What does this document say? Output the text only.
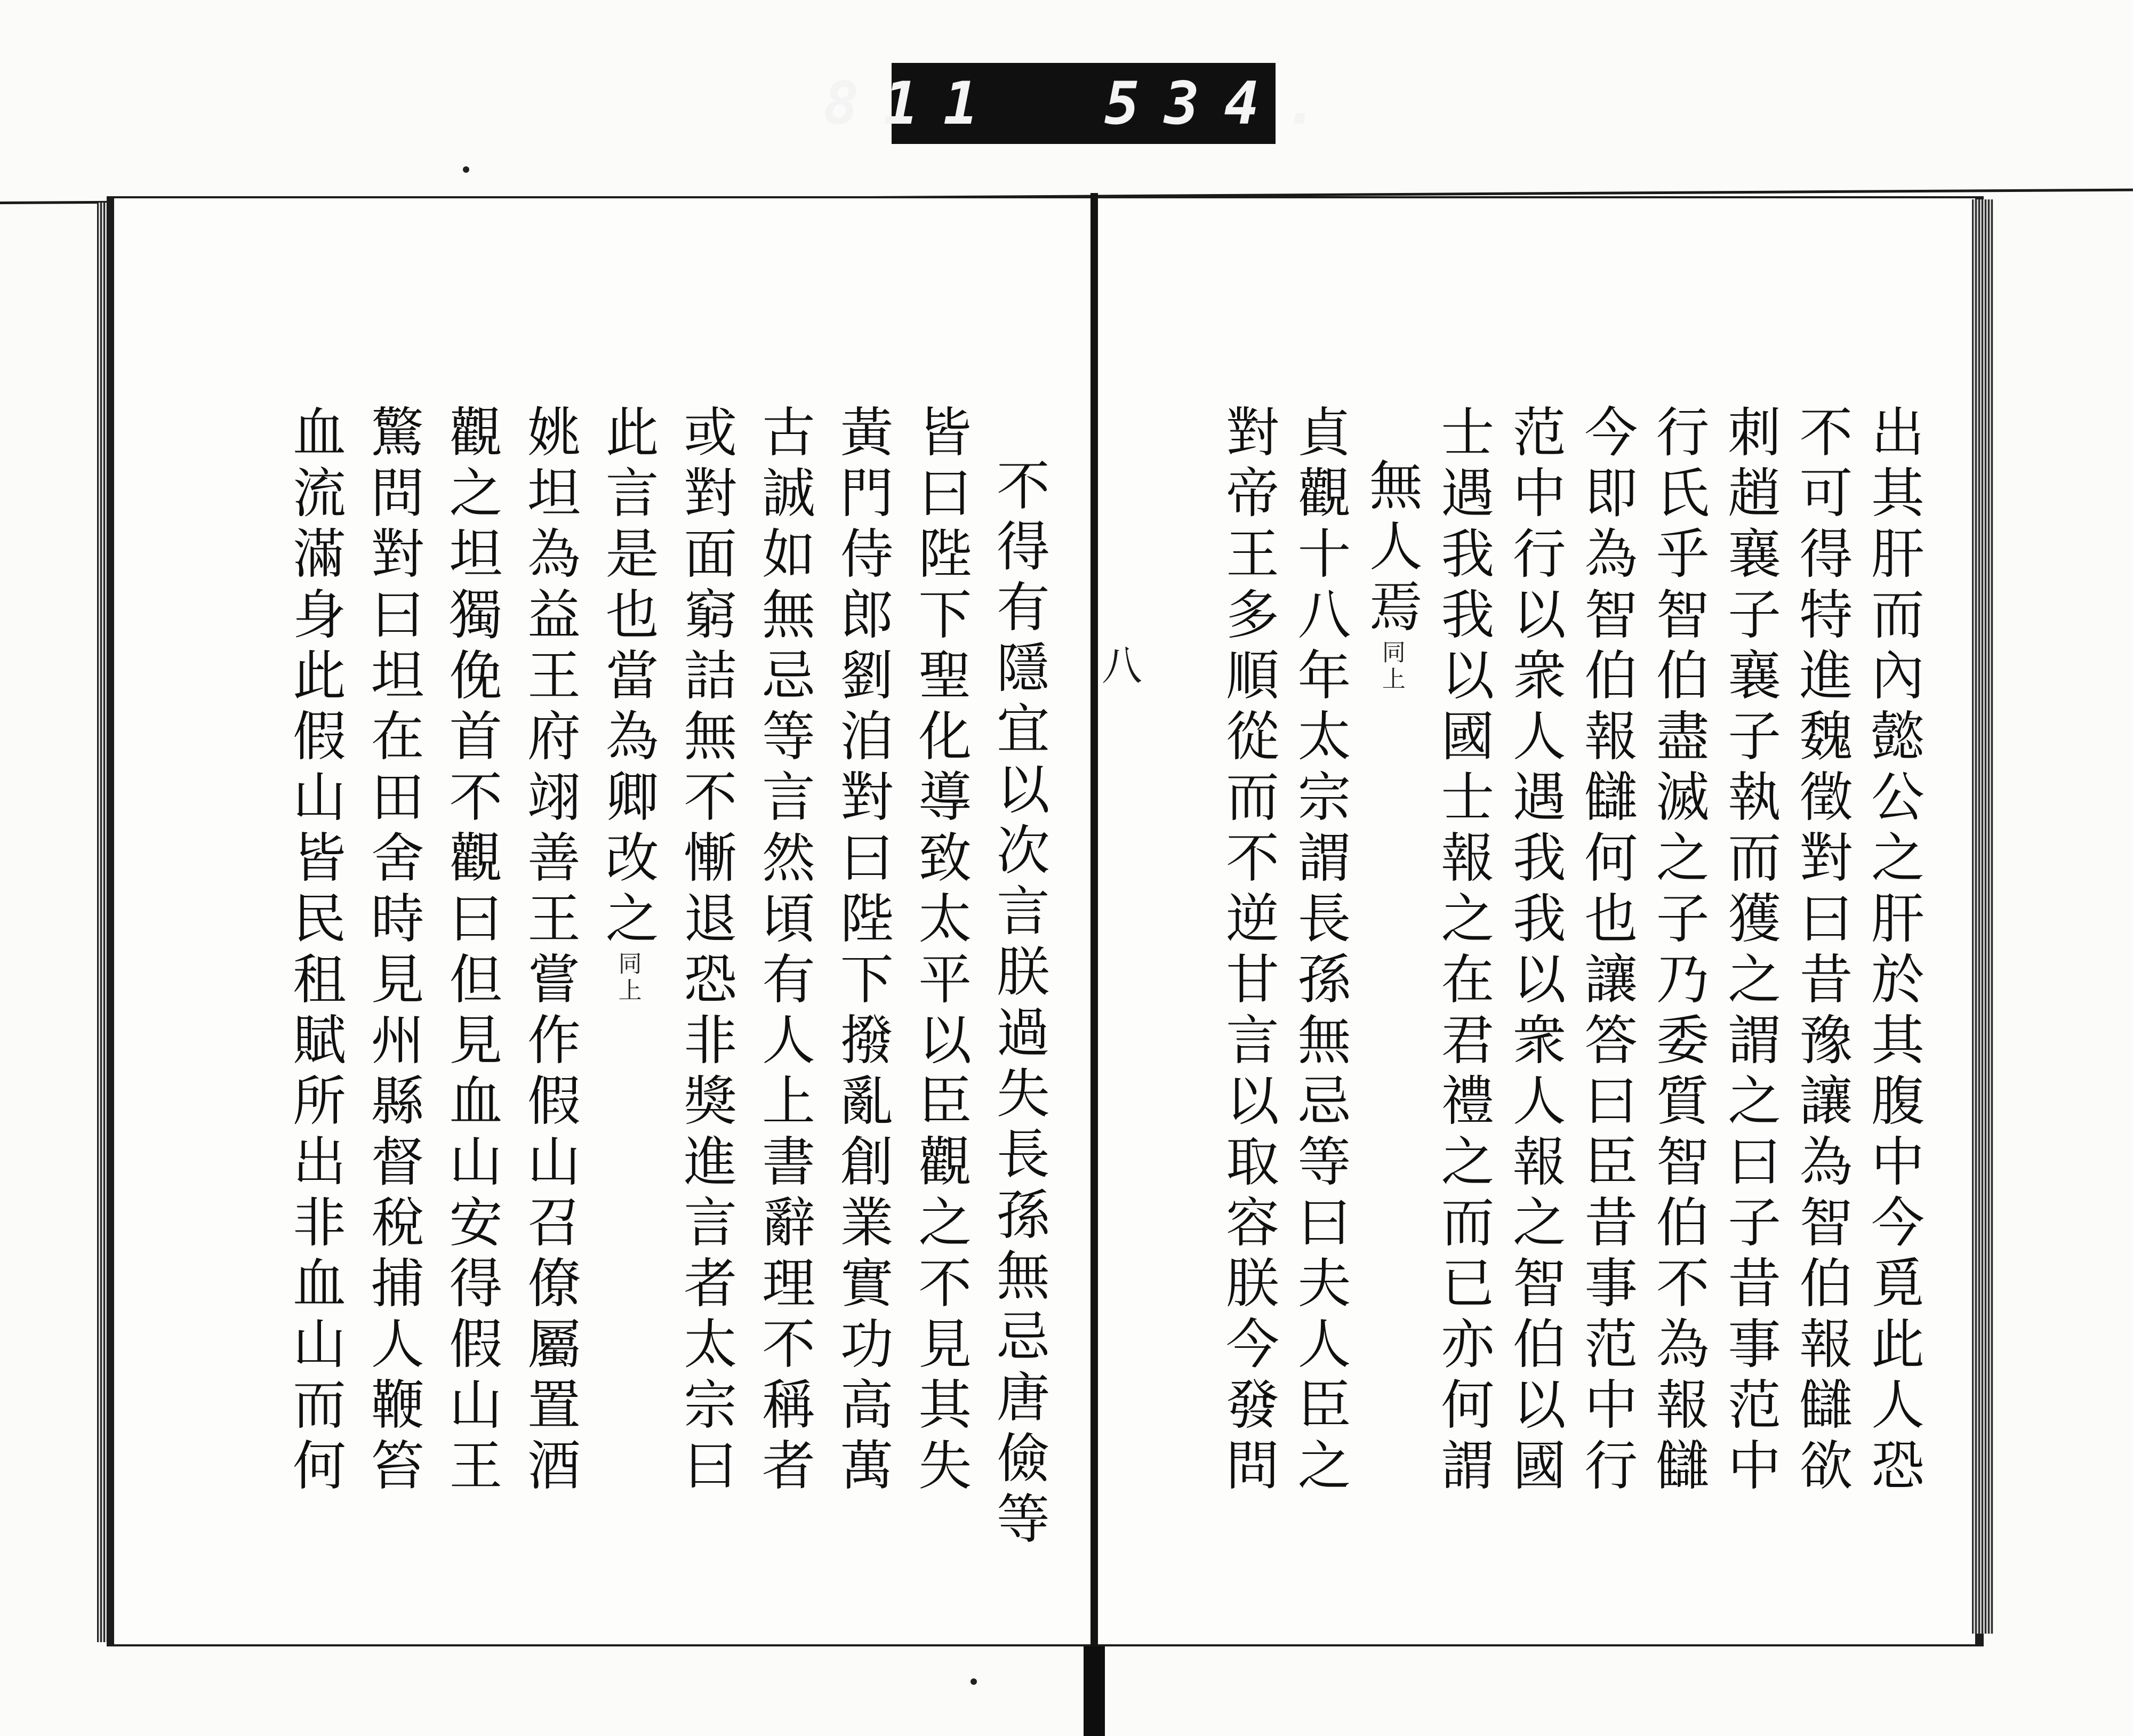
811 534.
八	出其肝而內懿公之肝於其腹中今覓此人恐
不可得特進魏徵對曰昔豫讓為智伯報讎欲
刺趙襄子襄子執而獲之謂之曰子昔事范中
行氏乎智伯盡滅之子乃委質智伯不為報讎
今即為智伯報讎何也讓答曰臣昔事范中行
范中行以衆人遇我我以衆人報之智伯以國
士遇我我以國士報之在君禮之而已亦何謂
無人焉同上
貞觀十八年太宗謂長孫無忌等曰夫人臣之
對帝王多順從而不逆甘言以取容朕今發問
不得有隱宜以次言朕過失長孫無忌唐儉等
皆曰陛下聖化導致太平以臣觀之不見其失
黃門侍郎劉洎對曰陛下撥亂創業實功高萬
古誠如無忌等言然頃有人上書辭理不稱者
或對面窮詰無不慚退恐非獎進言者太宗曰
此言是也當為卿改之同上
姚坦為益王府翊善王嘗作假山召僚屬置酒
觀之坦獨俛首不觀曰但見血山安得假山王
驚問對曰坦在田舍時見州縣督稅捕人鞭笞
血流滿身此假山皆民租賦所出非血山而何
